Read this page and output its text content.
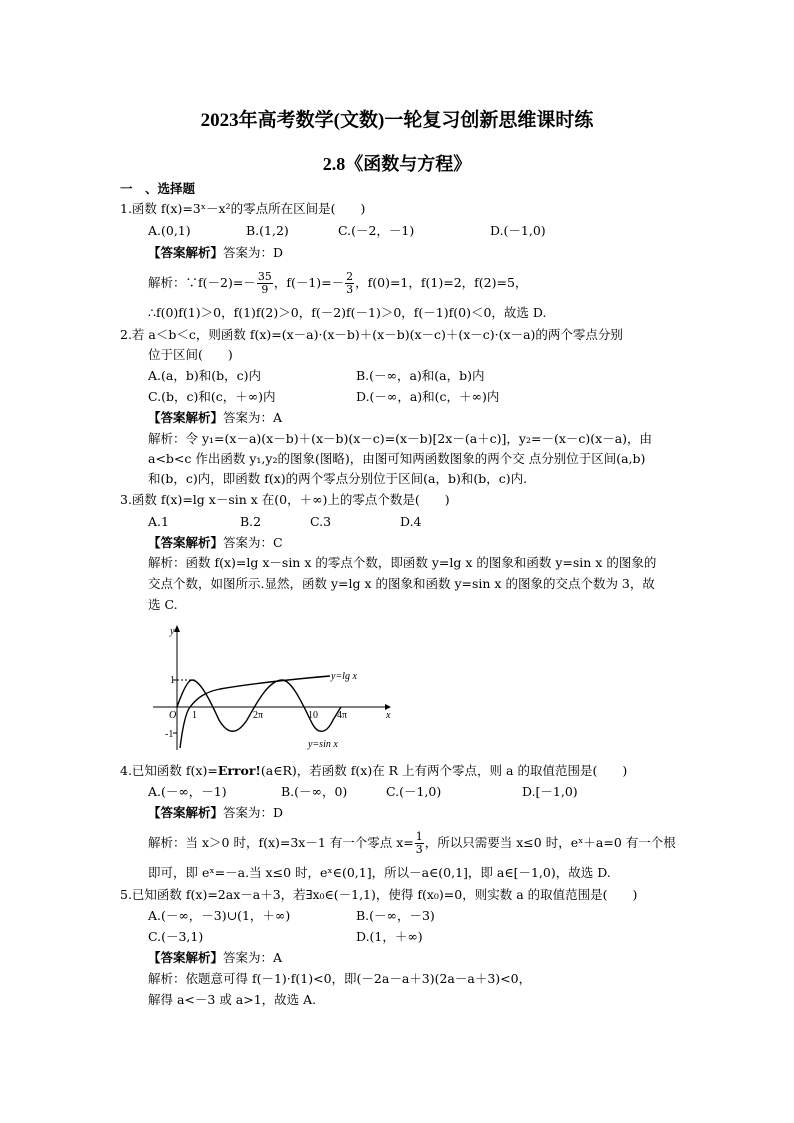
2023年高考数学(文数)一轮复习创新思维课时练
2.8《函数与方程》
一　、选择题
1.函数 f(x)=3ˣ－x²的零点所在区间是(　　)
A.(0,1)	B.(1,2)	C.(－2，－1)	D.(－1,0)
【答案解析】答案为：D
解析：∵f(－2)=－ $\frac{35}{9}$ ，$f(-1)=- \frac{2}{3}$ ，f(0)=1，f(1)=2，f(2)=5，
∴f(0)f(1)＞0，f(1)f(2)＞0，f(－2)f(－1)＞0，f(－1)f(0)＜0，故选 D.
2.若 a＜b＜c，则函数 f(x)=(x－a)·(x－b)＋(x－b)(x－c)＋(x－c)·(x－a)的两个零点分别
位于区间(　　)
A.(a，b)和(b，c)内	B.(－∞，a)和(a，b)内
C.(b，c)和(c，＋∞)内	D.(－∞，a)和(c，＋∞)内
【答案解析】答案为：A
解析：令 y₁=(x－a)(x－b)＋(x－b)(x－c)=(x－b)[2x－(a＋c)]，y₂=－(x－c)(x－a)，由
a<b<c 作出函数 y₁,y₂的图象(图略)，由图可知两函数图象的两个交 点分别位于区间(a,b)
和(b，c)内，即函数 f(x)的两个零点分别位于区间(a，b)和(b，c)内.
3.函数 f(x)=lg x－sin x 在(0，＋∞)上的零点个数是(　　)
A.1	B.2	C.3	D.4
【答案解析】答案为：C
解析：函数 f(x)=lg x－sin x 的零点个数，即函数 y=lg x 的图象和函数 y=sin x 的图象的
交点个数，如图所示.显然，函数 y=lg x 的图象和函数 y=sin x 的图象的交点个数为 3，故
选 C.
y
x
O
1
-1
1	2π	10 4π
y=lg x
y=sin x
4.已知函数 f(x)=Error!(a∈R)，若函数 f(x)在 R 上有两个零点，则 a 的取值范围是(　　)
A.(－∞，－1)	B.(－∞，0)	C.(－1,0)	D.[－1,0)
【答案解析】答案为：D
解析：当 x＞0 时，f(x)=3x－1 有一个零点 $x= \frac{1}{3}$ ，所以只需要当 x≤0 时，eˣ＋a=0 有一个根
即可，即 eˣ=－a.当 x≤0 时，eˣ∈(0,1]，所以－a∈(0,1]，即 a∈[－1,0)，故选 D.
5.已知函数 f(x)=2ax－a＋3，若∃x₀∈(－1,1)，使得 f(x₀)=0，则实数 a 的取值范围是(　　)
A.(－∞，－3)∪(1，＋∞)	B.(－∞，－3)
C.(－3,1)	D.(1，＋∞)
【答案解析】答案为：A
解析：依题意可得 f(－1)·f(1)<0，即(－2a－a＋3)(2a－a＋3)<0，
解得 a<－3 或 a>1，故选 A.
